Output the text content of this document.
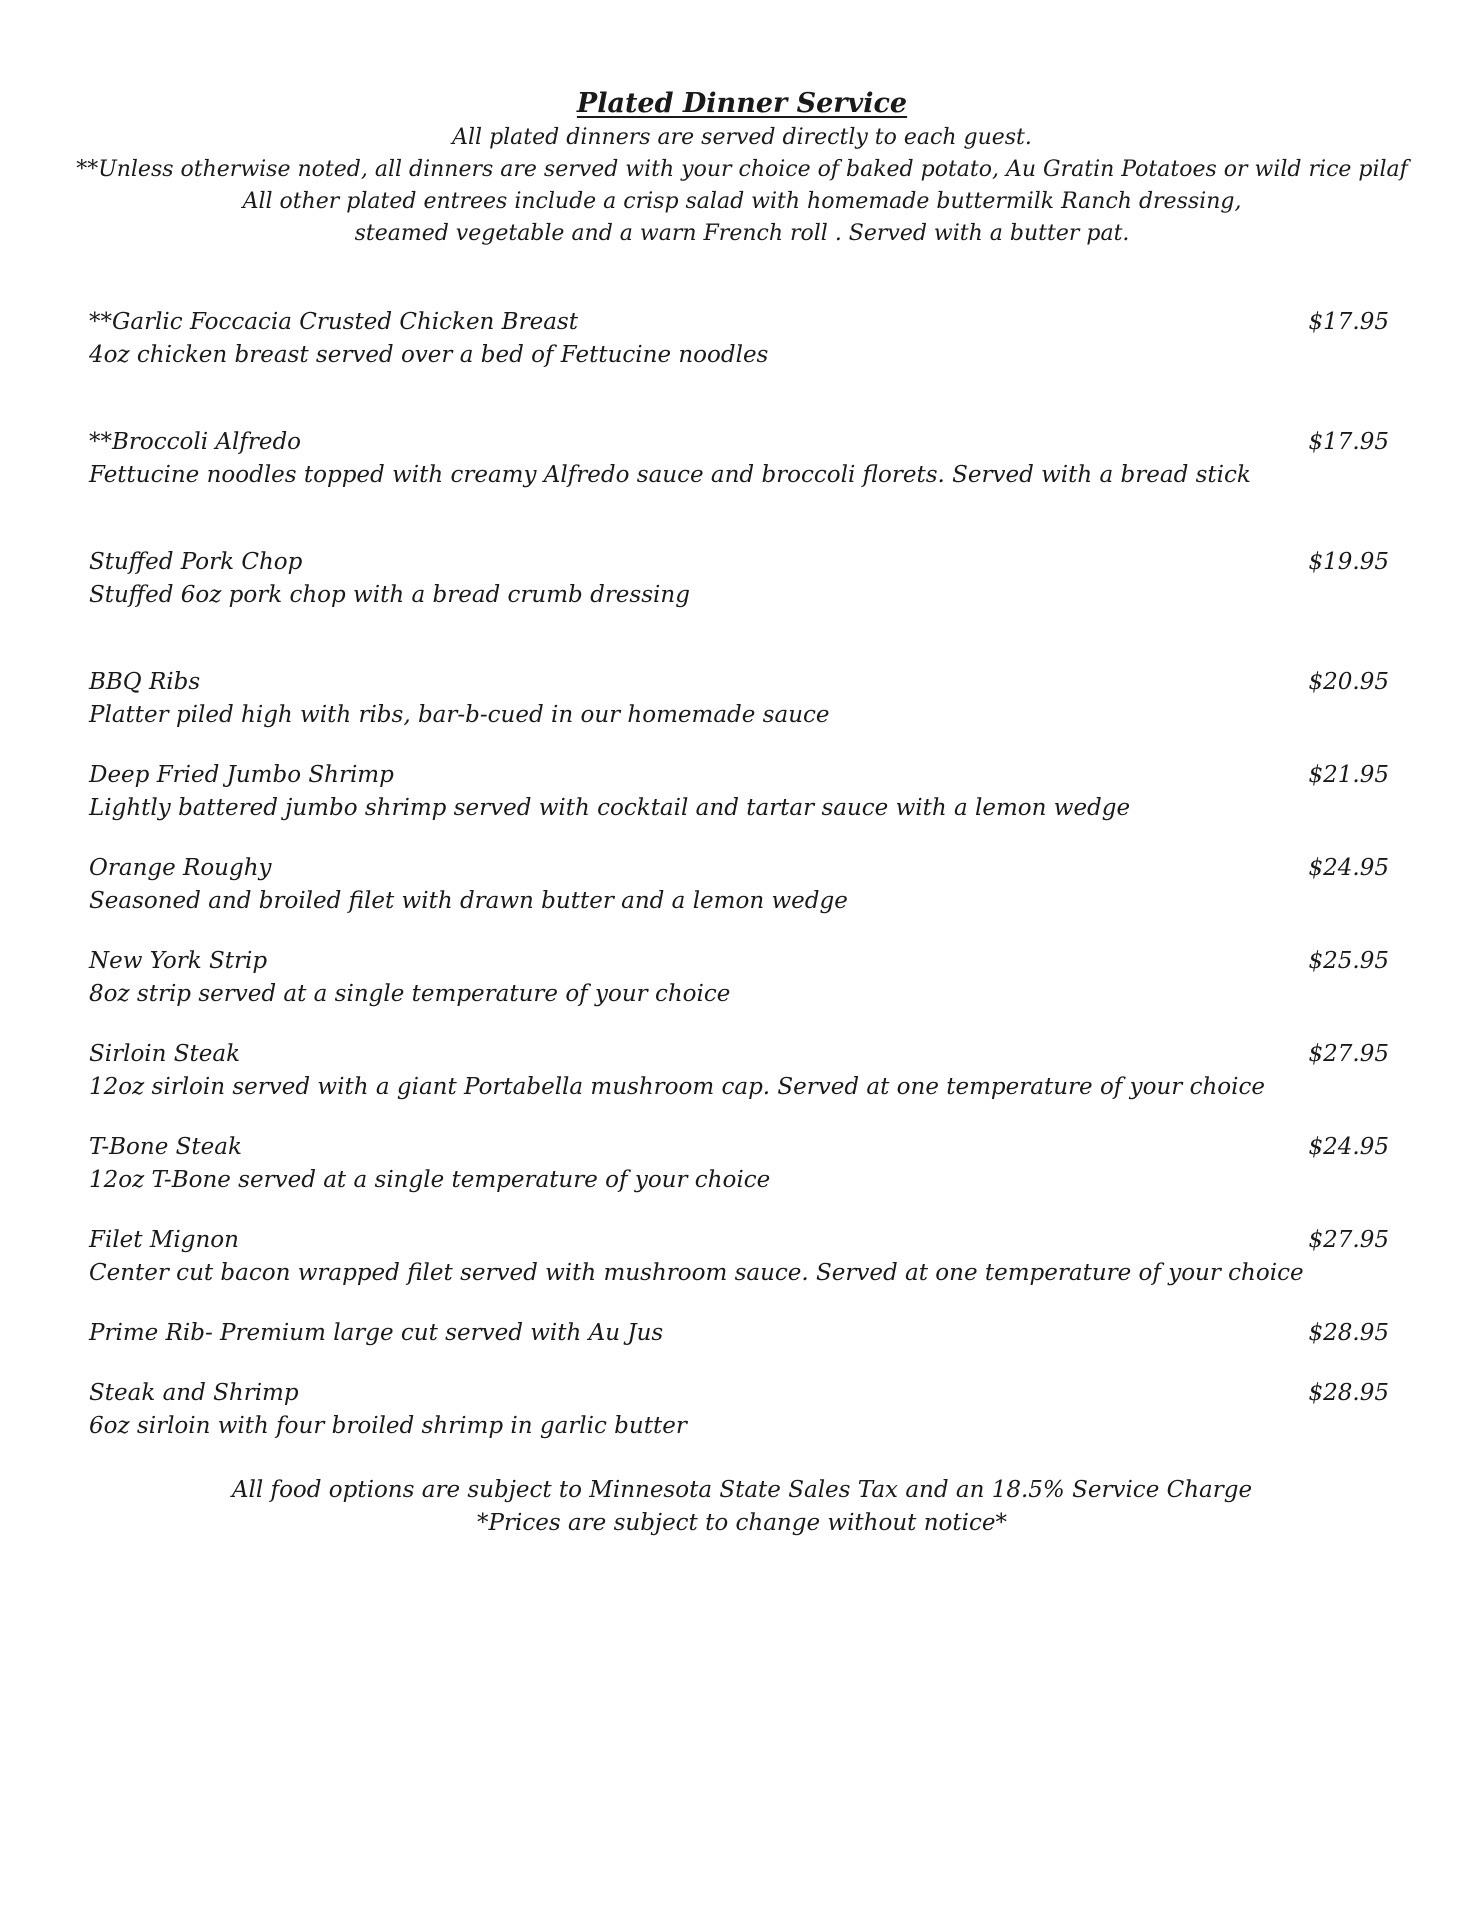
Plated Dinner Service

All plated dinners are served directly to each guest.

**Unless otherwise noted, all dinners are served with your choice of baked potato, Au Gratin Potatoes or wild rice pilaf

All other plated entrees include a crisp salad with homemade buttermilk Ranch dressing,

steamed vegetable and a warn French roll . Served with a butter pat.

**Garlic Foccacia Crusted Chicken Breast
4oz chicken breast served over a bed of Fettucine noodles
$17.95
**Broccoli Alfredo
Fettucine noodles topped with creamy Alfredo sauce and broccoli florets. Served with a bread stick
$17.95
Stuffed Pork Chop
Stuffed 6oz pork chop with a bread crumb dressing
$19.95
BBQ Ribs
Platter piled high with ribs, bar-b-cued in our homemade sauce
$20.95
Deep Fried Jumbo Shrimp
Lightly battered jumbo shrimp served with cocktail and tartar sauce with a lemon wedge
$21.95
Orange Roughy
Seasoned and broiled filet with drawn butter and a lemon wedge
$24.95
New York Strip
8oz strip served at a single temperature of your choice
$25.95
Sirloin Steak
12oz sirloin served with a giant Portabella mushroom cap. Served at one temperature of your choice
$27.95
T-Bone Steak
12oz T-Bone served at a single temperature of your choice
$24.95
Filet Mignon
Center cut bacon wrapped filet served with mushroom sauce. Served at one temperature of your choice
$27.95
Prime Rib- Premium large cut served with Au Jus	$28.95
Steak and Shrimp
6oz sirloin with four broiled shrimp in garlic butter
$28.95

All food options are subject to Minnesota State Sales Tax and an 18.5% Service Charge

*Prices are subject to change without notice*
